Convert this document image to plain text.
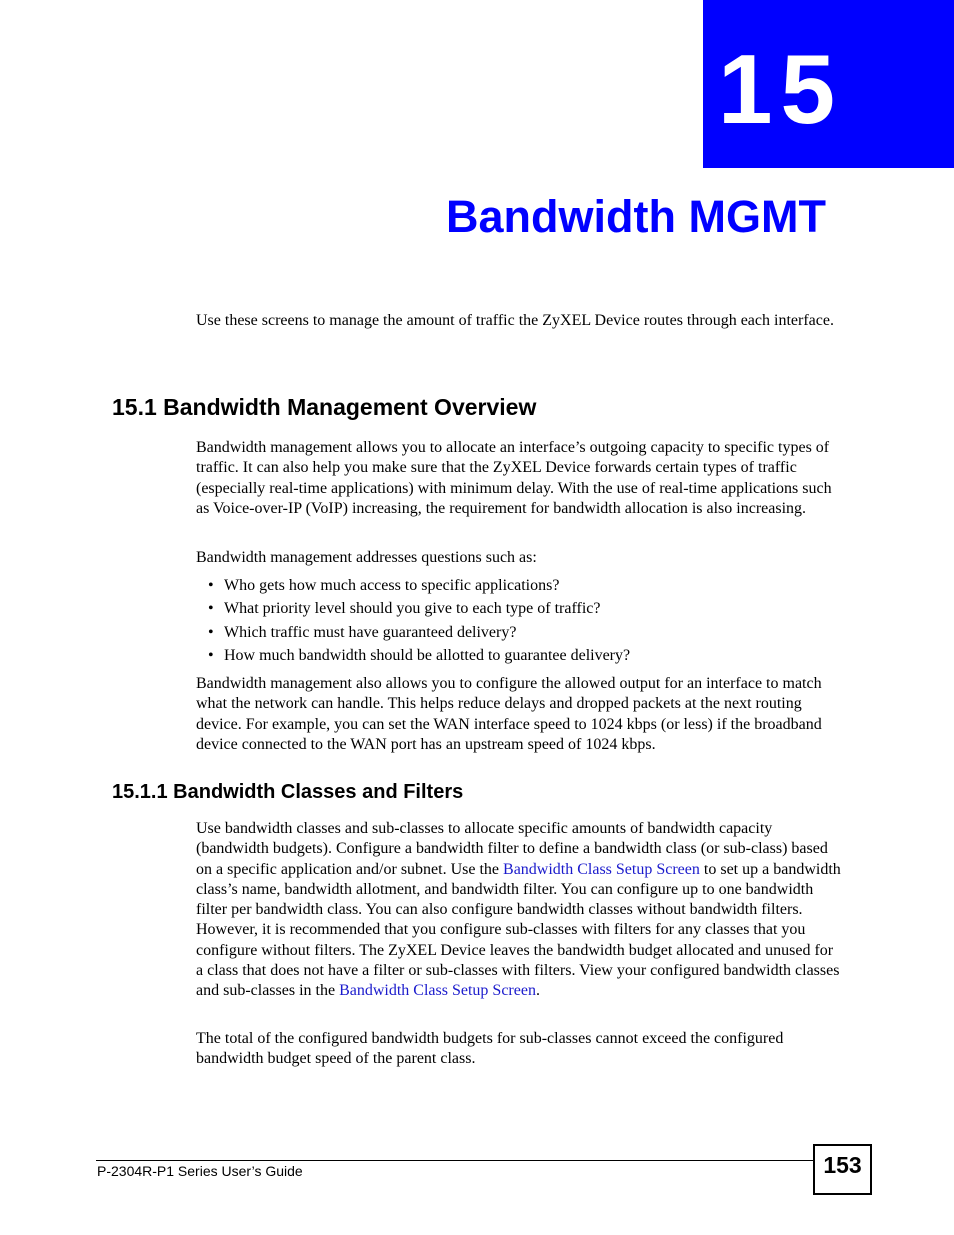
15
Bandwidth MGMT

Use these screens to manage the amount of traffic the ZyXEL Device routes through each interface.

15.1 Bandwidth Management Overview

Bandwidth management allows you to allocate an interface’s outgoing capacity to specific types of traffic. It can also help you make sure that the ZyXEL Device forwards certain types of traffic (especially real-time applications) with minimum delay. With the use of real-time applications such as Voice-over-IP (VoIP) increasing, the requirement for bandwidth allocation is also increasing.

Bandwidth management addresses questions such as:

• Who gets how much access to specific applications?
• What priority level should you give to each type of traffic?
• Which traffic must have guaranteed delivery?
• How much bandwidth should be allotted to guarantee delivery?

Bandwidth management also allows you to configure the allowed output for an interface to match what the network can handle. This helps reduce delays and dropped packets at the next routing device. For example, you can set the WAN interface speed to 1024 kbps (or less) if the broadband device connected to the WAN port has an upstream speed of 1024 kbps.

15.1.1 Bandwidth Classes and Filters

Use bandwidth classes and sub-classes to allocate specific amounts of bandwidth capacity (bandwidth budgets). Configure a bandwidth filter to define a bandwidth class (or sub-class) based on a specific application and/or subnet. Use the Bandwidth Class Setup Screen to set up a bandwidth class’s name, bandwidth allotment, and bandwidth filter. You can configure up to one bandwidth filter per bandwidth class. You can also configure bandwidth classes without bandwidth filters. However, it is recommended that you configure sub-classes with filters for any classes that you configure without filters. The ZyXEL Device leaves the bandwidth budget allocated and unused for a class that does not have a filter or sub-classes with filters. View your configured bandwidth classes and sub-classes in the Bandwidth Class Setup Screen.

The total of the configured bandwidth budgets for sub-classes cannot exceed the configured bandwidth budget speed of the parent class.

P-2304R-P1 Series User’s Guide	153
